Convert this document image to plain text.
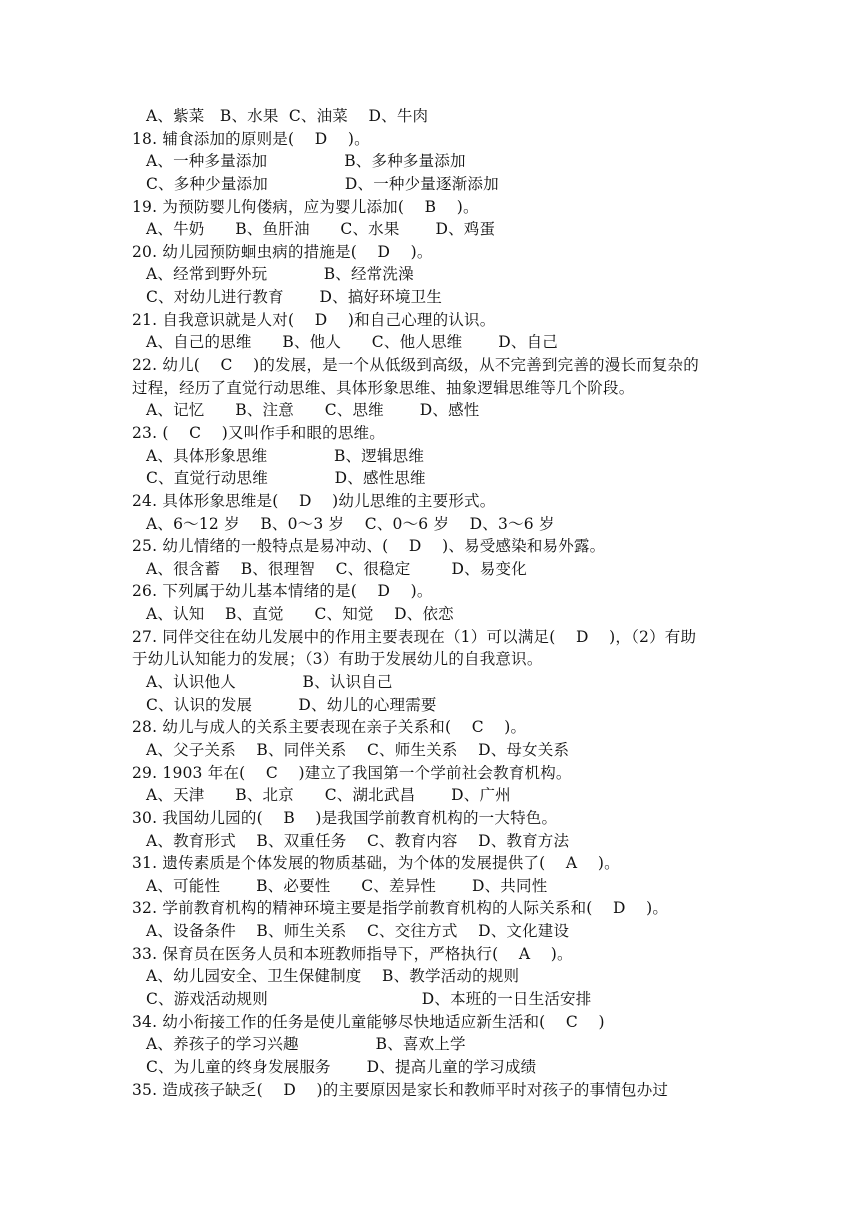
A、紫菜   B、水果  C、油菜    D、牛肉
18. 辅食添加的原则是(    D    )。
A、一种多量添加               B、多种多量添加
C、多种少量添加               D、一种少量逐渐添加
19. 为预防婴儿佝偻病，应为婴儿添加(    B    )。
A、牛奶      B、鱼肝油      C、水果       D、鸡蛋
20. 幼儿园预防蛔虫病的措施是(    D    )。
A、经常到野外玩           B、经常洗澡
C、对幼儿进行教育       D、搞好环境卫生
21. 自我意识就是人对(    D    )和自己心理的认识。
A、自己的思维      B、他人      C、他人思维       D、自己
22. 幼儿(    C    )的发展，是一个从低级到高级，从不完善到完善的漫长而复杂的
过程，经历了直觉行动思维、具体形象思维、抽象逻辑思维等几个阶段。
A、记忆      B、注意      C、思维       D、感性
23. (    C    )又叫作手和眼的思维。
A、具体形象思维             B、逻辑思维
C、直觉行动思维             D、感性思维
24. 具体形象思维是(    D    )幼儿思维的主要形式。
A、6～12 岁    B、0～3 岁    C、0～6 岁    D、3～6 岁
25. 幼儿情绪的一般特点是易冲动、(    D    )、易受感染和易外露。
A、很含蓄    B、很理智    C、很稳定        D、易变化
26. 下列属于幼儿基本情绪的是(    D    )。
A、认知    B、直觉      C、知觉    D、依恋
27. 同伴交往在幼儿发展中的作用主要表现在（1）可以满足(    D    )，（2）有助
于幼儿认知能力的发展；（3）有助于发展幼儿的自我意识。
A、认识他人             B、认识自己
C、认识的发展         D、幼儿的心理需要
28. 幼儿与成人的关系主要表现在亲子关系和(    C    )。
A、父子关系    B、同伴关系    C、师生关系    D、母女关系
29. 1903 年在(    C    )建立了我国第一个学前社会教育机构。
A、天津      B、北京      C、湖北武昌       D、广州
30. 我国幼儿园的(    B    )是我国学前教育机构的一大特色。
A、教育形式    B、双重任务    C、教育内容    D、教育方法
31. 遗传素质是个体发展的物质基础，为个体的发展提供了(    A    )。
A、可能性       B、必要性      C、差异性       D、共同性
32. 学前教育机构的精神环境主要是指学前教育机构的人际关系和(    D    )。
A、设备条件    B、师生关系    C、交往方式    D、文化建设
33. 保育员在医务人员和本班教师指导下，严格执行(    A    )。
A、幼儿园安全、卫生保健制度    B、教学活动的规则
C、游戏活动规则                              D、本班的一日生活安排
34. 幼小衔接工作的任务是使儿童能够尽快地适应新生活和(    C    )
A、养孩子的学习兴趣               B、喜欢上学
C、为儿童的终身发展服务       D、提高儿童的学习成绩
35. 造成孩子缺乏(    D    )的主要原因是家长和教师平时对孩子的事情包办过
